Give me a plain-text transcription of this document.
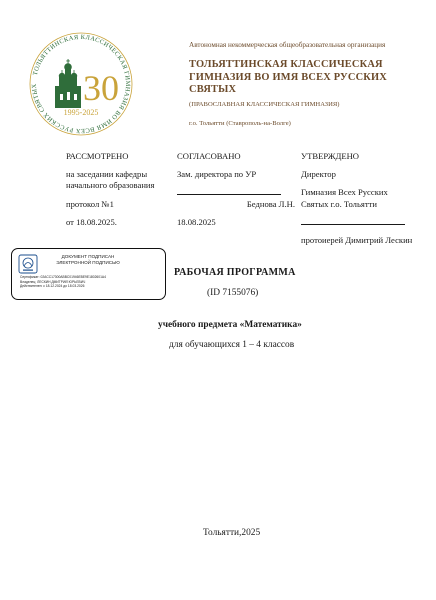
ТОЛЬЯТТИНСКАЯ КЛАССИЧЕСКАЯ ГИМНАЗИЯ ВО ИМЯ ВСЕХ РУССКИХ СВЯТЫХ	30
1995-2025
Автономная некоммерческая общеобразовательная организация
ТОЛЬЯТТИНСКАЯ КЛАССИЧЕСКАЯ
ГИМНАЗИЯ ВО ИМЯ ВСЕХ РУССКИХ СВЯТЫХ
(ПРАВОСЛАВНАЯ КЛАССИЧЕСКАЯ ГИМНАЗИЯ)
г.о. Тольятти (Ставрополь-на-Волге)

РАССМОТРЕНО

на заседании кафедры

начального образования

протокол №1

от 18.08.2025.

СОГЛАСОВАНО

Зам. директора по УР

Беднова Л.Н.

18.08.2025

УТВЕРЖДЕНО

Директор

Гимназия Всех Русских

Святых г.о. Тольятти

протоиерей Димитрий Лескин

ДОКУМЕНТ ПОДПИСАН
ЭЛЕКТРОННОЙ ПОДПИСЬЮ
Сертификат: 02ACC17300ABBC01946EBE9E1802601A4
Владелец: ЛЕСКИН ДМИТРИЙ ЮРЬЕВИЧ
Действителен: с 18.12.2024 до 18.03.2026
РАБОЧАЯ ПРОГРАММА
(ID 7155076)
учебного предмета «Математика»
для обучающихся 1 – 4 классов
Тольятти,2025
